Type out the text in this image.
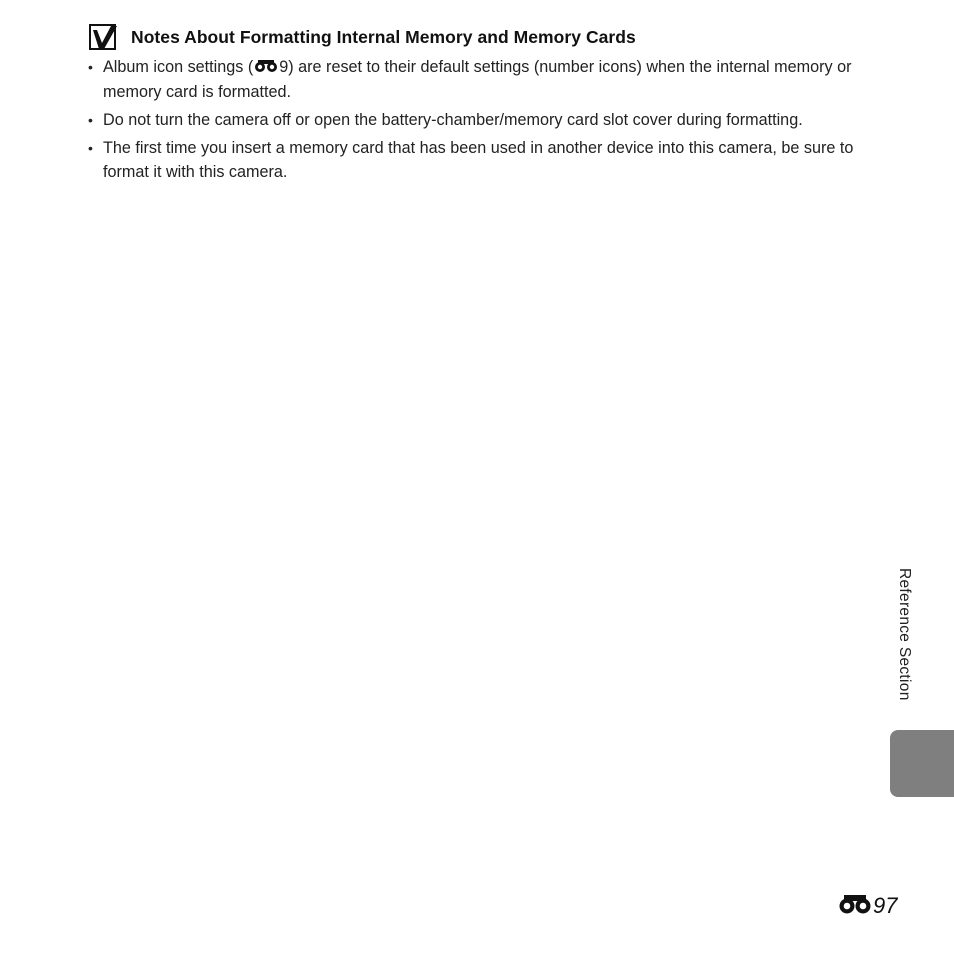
Notes About Formatting Internal Memory and Memory Cards
• Album icon settings ( 9) are reset to their default settings (number icons) when the internal memory or memory card is formatted.
• Do not turn the camera off or open the battery-chamber/memory card slot cover during formatting.
• The first time you insert a memory card that has been used in another device into this camera, be sure to format it with this camera.
Reference Section
97
